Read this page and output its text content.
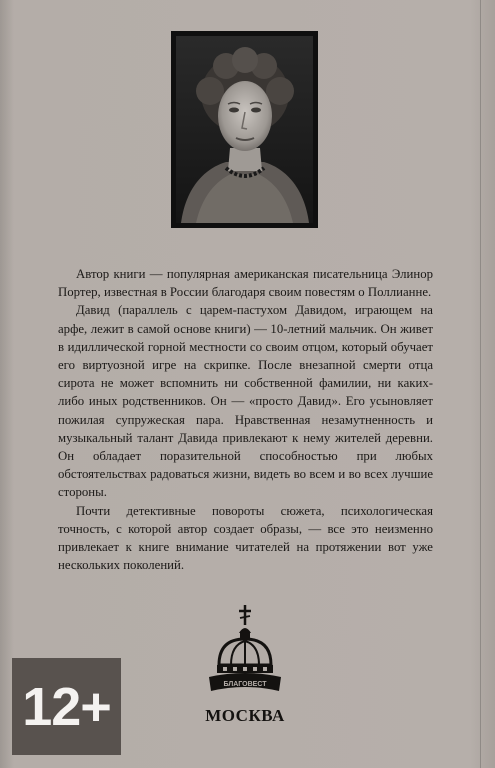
Автор книги — популярная американская писательница Элинор Портер, известная в России благодаря своим повестям о Поллианне.

Давид (параллель с царем-пастухом Давидом, играющем на арфе, лежит в самой основе книги) — 10-летний мальчик. Он живет в идиллической горной местности со своим отцом, который обучает его виртуозной игре на скрипке. После внезапной смерти отца сирота не может вспомнить ни собственной фамилии, ни каких-либо иных родственников. Он — «просто Давид». Его усыновляет пожилая супружеская пара. Нравственная незамутненность и музыкальный талант Давида привлекают к нему жителей деревни. Он обладает поразительной способностью при любых обстоятельствах радоваться жизни, видеть во всем и во всех лучшие стороны.

Почти детективные повороты сюжета, психологическая точность, с которой автор создает образы, — все это неизменно привлекает к книге внимание читателей на протяжении вот уже нескольких поколений.

12+	БЛАГОВЕСТ
МОСКВА
